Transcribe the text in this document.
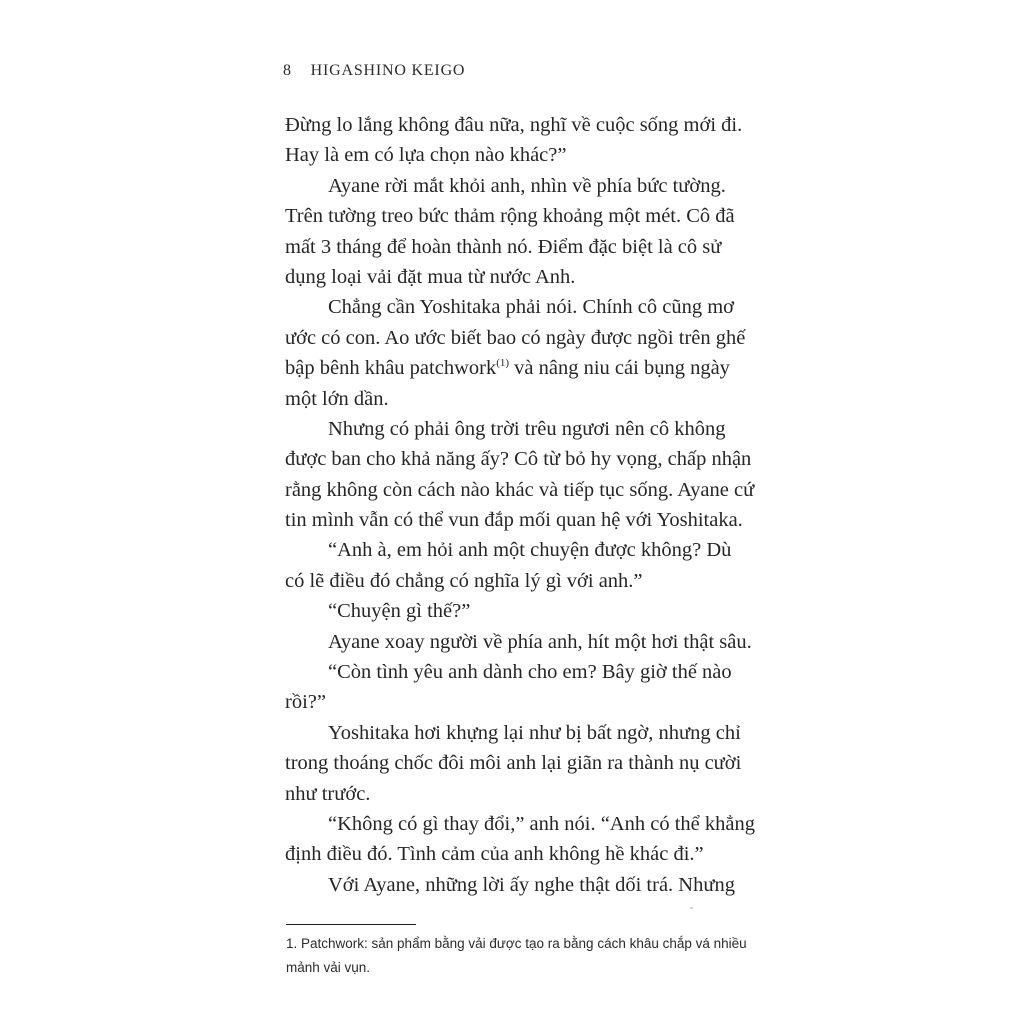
8 HIGASHINO KEIGO
Đừng lo lắng không đâu nữa, nghĩ về cuộc sống mới đi.
Hay là em có lựa chọn nào khác?”
Ayane rời mắt khỏi anh, nhìn về phía bức tường.
Trên tường treo bức thảm rộng khoảng một mét. Cô đã
mất 3 tháng để hoàn thành nó. Điểm đặc biệt là cô sử
dụng loại vải đặt mua từ nước Anh.
Chẳng cần Yoshitaka phải nói. Chính cô cũng mơ
ước có con. Ao ước biết bao có ngày được ngồi trên ghế
bập bênh khâu patchwork$^{(1)}$ và nâng niu cái bụng ngày
một lớn dần.
Nhưng có phải ông trời trêu ngươi nên cô không
được ban cho khả năng ấy? Cô từ bỏ hy vọng, chấp nhận
rằng không còn cách nào khác và tiếp tục sống. Ayane cứ
tin mình vẫn có thể vun đắp mối quan hệ với Yoshitaka.
“Anh à, em hỏi anh một chuyện được không? Dù
có lẽ điều đó chẳng có nghĩa lý gì với anh.”
“Chuyện gì thế?”
Ayane xoay người về phía anh, hít một hơi thật sâu.
“Còn tình yêu anh dành cho em? Bây giờ thế nào
rồi?”
Yoshitaka hơi khựng lại như bị bất ngờ, nhưng chỉ
trong thoáng chốc đôi môi anh lại giãn ra thành nụ cười
như trước.
“Không có gì thay đổi,” anh nói. “Anh có thể khẳng
định điều đó. Tình cảm của anh không hề khác đi.”
Với Ayane, những lời ấy nghe thật dối trá. Nhưng
1. Patchwork: sản phẩm bằng vải được tạo ra bằng cách khâu chắp vá nhiều
mảnh vải vụn.
